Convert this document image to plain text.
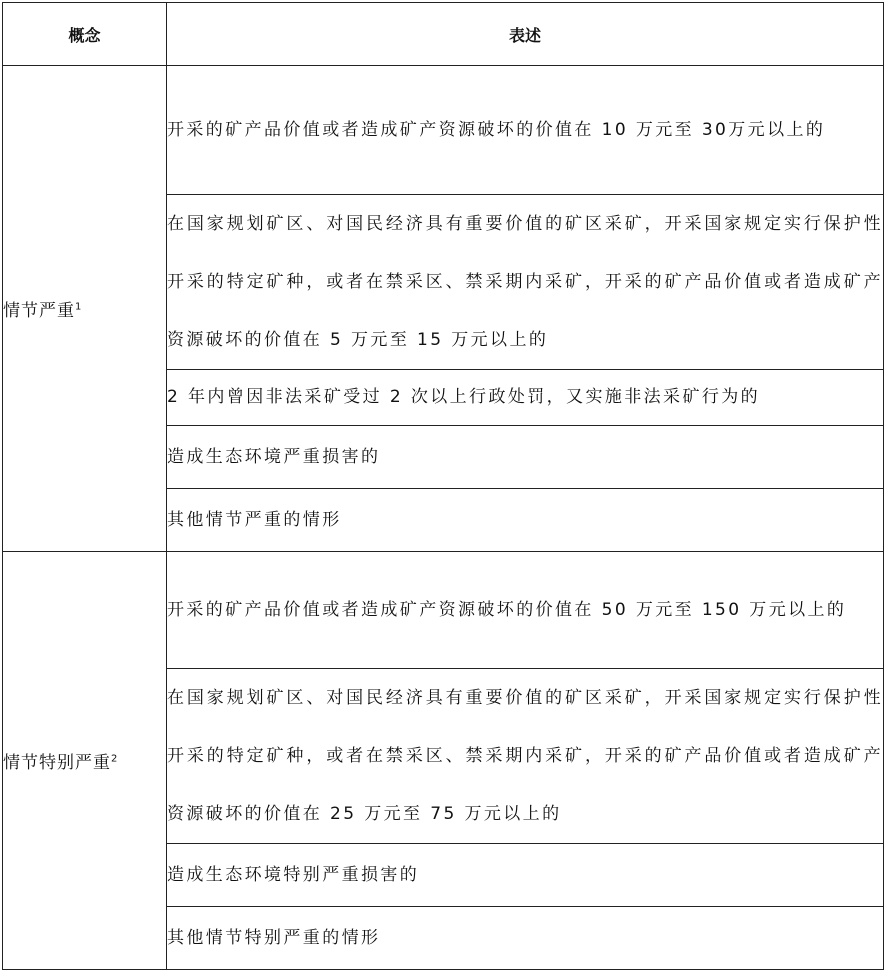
概念	表述
情节严重$^1$	开采的矿产品价值或者造成矿产资源破坏的价值在 10 万元至 30万元以上的
	在国家规划矿区、对国民经济具有重要价值的矿区采矿，开采国家规定实行保护性开采的特定矿种，或者在禁采区、禁采期内采矿，开采的矿产品价值或者造成矿产资源破坏的价值在 5 万元至 15 万元以上的
	2 年内曾因非法采矿受过 2 次以上行政处罚，又实施非法采矿行为的
	造成生态环境严重损害的
	其他情节严重的情形
情节特别严重$^2$	开采的矿产品价值或者造成矿产资源破坏的价值在 50 万元至 150 万元以上的
	在国家规划矿区、对国民经济具有重要价值的矿区采矿，开采国家规定实行保护性开采的特定矿种，或者在禁采区、禁采期内采矿，开采的矿产品价值或者造成矿产资源破坏的价值在 25 万元至 75 万元以上的
	造成生态环境特别严重损害的
	其他情节特别严重的情形
